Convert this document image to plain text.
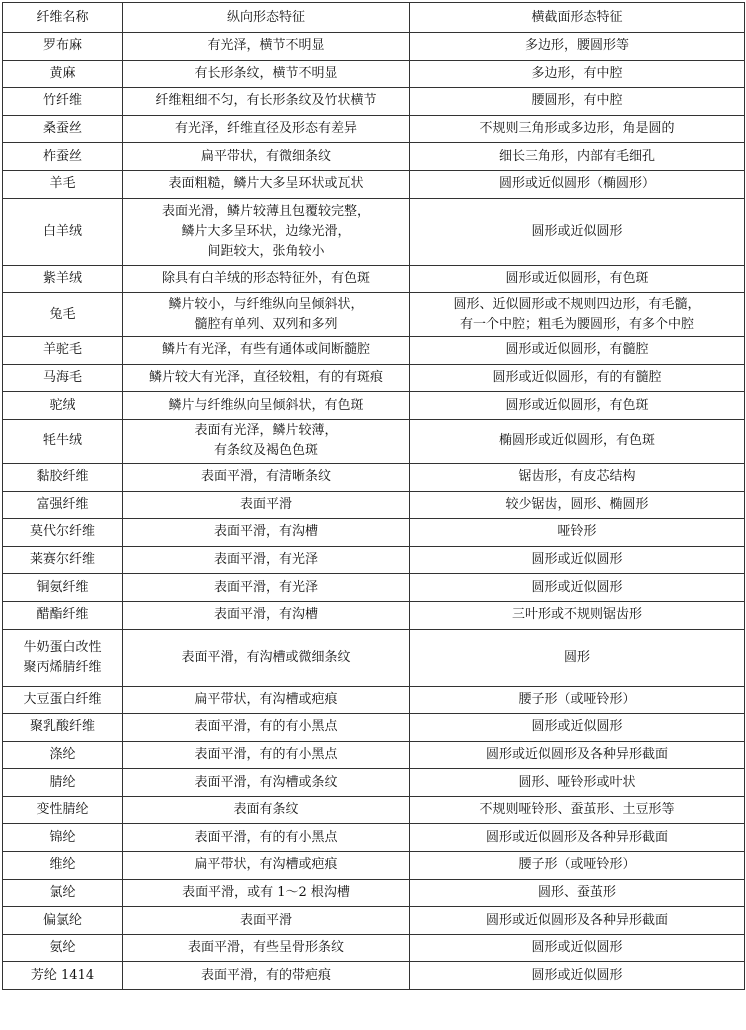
纤维名称	纵向形态特征	横截面形态特征

罗布麻	有光泽，横节不明显	多边形，腰圆形等

黄麻	有长形条纹，横节不明显	多边形，有中腔

竹纤维	纤维粗细不匀，有长形条纹及竹状横节	腰圆形，有中腔

桑蚕丝	有光泽，纤维直径及形态有差异	不规则三角形或多边形，角是圆的

柞蚕丝	扁平带状，有微细条纹	细长三角形，内部有毛细孔

羊毛	表面粗糙，鳞片大多呈环状或瓦状	圆形或近似圆形（椭圆形）

白羊绒	表面光滑，鳞片较薄且包覆较完整，
鳞片大多呈环状，边缘光滑，
间距较大，张角较小	圆形或近似圆形

紫羊绒	除具有白羊绒的形态特征外，有色斑	圆形或近似圆形，有色斑

兔毛	鳞片较小，与纤维纵向呈倾斜状，
髓腔有单列、双列和多列	圆形、近似圆形或不规则四边形，有毛髓，
有一个中腔；粗毛为腰圆形，有多个中腔

羊驼毛	鳞片有光泽，有些有通体或间断髓腔	圆形或近似圆形，有髓腔

马海毛	鳞片较大有光泽，直径较粗，有的有斑痕	圆形或近似圆形，有的有髓腔

驼绒	鳞片与纤维纵向呈倾斜状，有色斑	圆形或近似圆形，有色斑

牦牛绒	表面有光泽，鳞片较薄，
有条纹及褐色色斑	椭圆形或近似圆形，有色斑

黏胶纤维	表面平滑，有清晰条纹	锯齿形，有皮芯结构

富强纤维	表面平滑	较少锯齿，圆形、椭圆形

莫代尔纤维	表面平滑，有沟槽	哑铃形

莱赛尔纤维	表面平滑，有光泽	圆形或近似圆形

铜氨纤维	表面平滑，有光泽	圆形或近似圆形

醋酯纤维	表面平滑，有沟槽	三叶形或不规则锯齿形

牛奶蛋白改性
聚丙烯腈纤维	表面平滑，有沟槽或微细条纹	圆形

大豆蛋白纤维	扁平带状，有沟槽或疤痕	腰子形（或哑铃形）

聚乳酸纤维	表面平滑，有的有小黑点	圆形或近似圆形

涤纶	表面平滑，有的有小黑点	圆形或近似圆形及各种异形截面

腈纶	表面平滑，有沟槽或条纹	圆形、哑铃形或叶状

变性腈纶	表面有条纹	不规则哑铃形、蚕茧形、土豆形等

锦纶	表面平滑，有的有小黑点	圆形或近似圆形及各种异形截面

维纶	扁平带状，有沟槽或疤痕	腰子形（或哑铃形）

氯纶	表面平滑，或有 1～2 根沟槽	圆形、蚕茧形

偏氯纶	表面平滑	圆形或近似圆形及各种异形截面

氨纶	表面平滑，有些呈骨形条纹	圆形或近似圆形

芳纶 1414	表面平滑，有的带疤痕	圆形或近似圆形
